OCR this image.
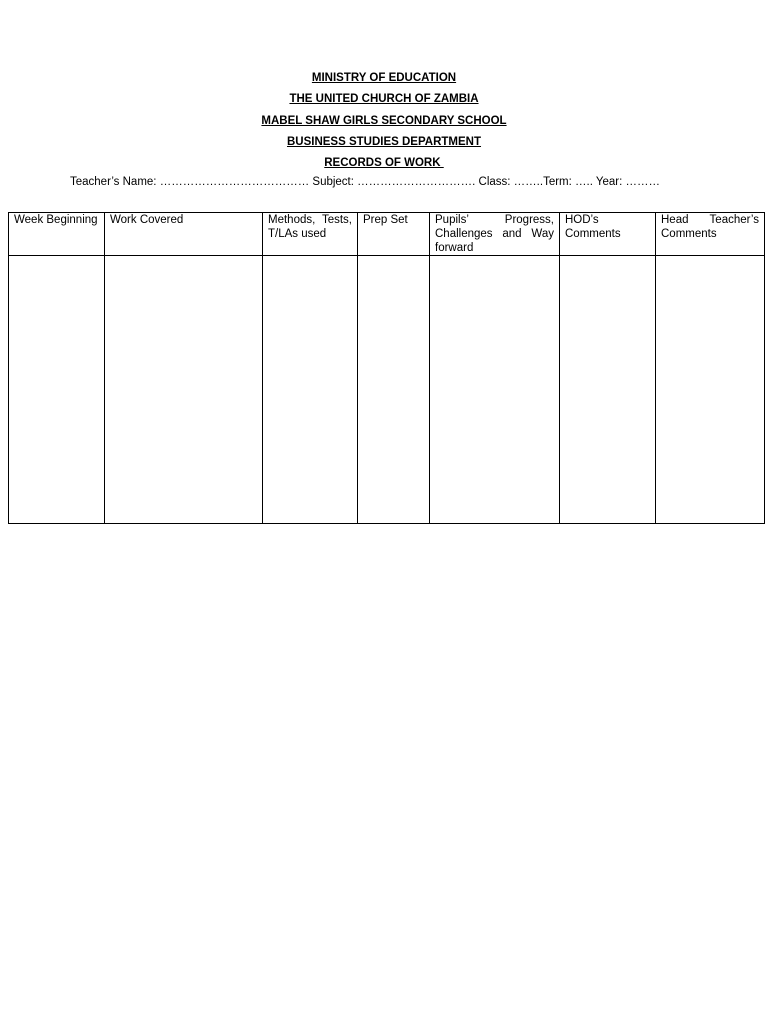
MINISTRY OF EDUCATION
THE UNITED CHURCH OF ZAMBIA
MABEL SHAW GIRLS SECONDARY SCHOOL
BUSINESS STUDIES DEPARTMENT
RECORDS OF WORK
Teacher’s Name: ………………………………… Subject: …………………………. Class: ……..Term: ….. Year: ………
Week Beginning	Work Covered	Methods, Tests, T/LAs used	Prep Set	Pupils’ Progress, Challenges and Way forward	HOD’s Comments	Head Teacher’s Comments
